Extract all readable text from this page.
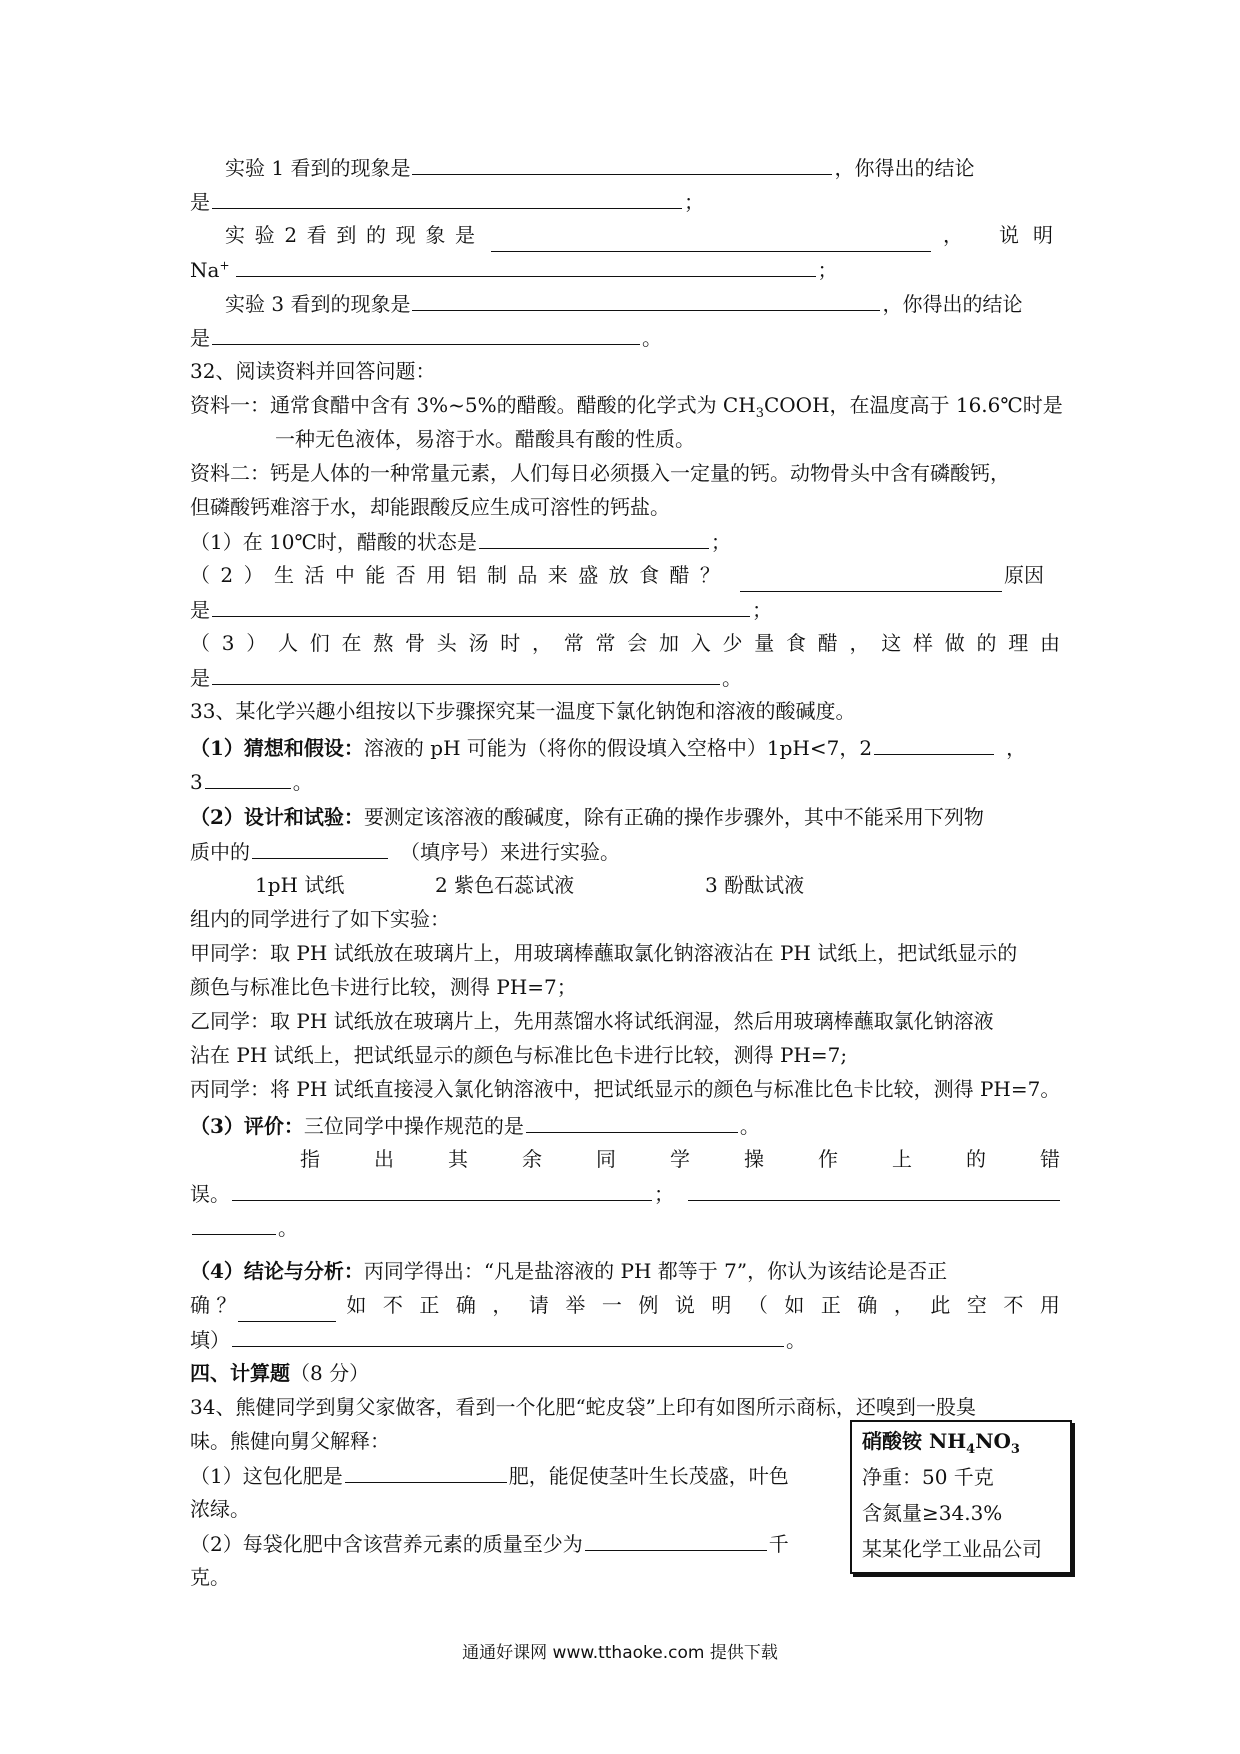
实验 1 看到的现象是	，你得出的结论
是	；
实 验 2 看 到 的 现 象 是	， 说 明
Na+	；
实验 3 看到的现象是	，你得出的结论
是	。
32、阅读资料并回答问题：
资料一：通常食醋中含有 3%~5%的醋酸。醋酸的化学式为 $CH_3COOH$，在温度高于 16.6℃时是
一种无色液体，易溶于水。醋酸具有酸的性质。
资料二：钙是人体的一种常量元素，人们每日必须摄入一定量的钙。动物骨头中含有磷酸钙，
但磷酸钙难溶于水，却能跟酸反应生成可溶性的钙盐。
（1）在 10℃时，醋酸的状态是	；
（ 2 ） 生 活 中 能 否 用 铝 制 品 来 盛 放 食 醋 ？	原因
是	；
（ 3 ） 人 们 在 熬 骨 头 汤 时 ， 常 常 会 加 入 少 量 食 醋 ， 这 样 做 的 理 由
是	。
33、某化学兴趣小组按以下步骤探究某一温度下氯化钠饱和溶液的酸碱度。
（1）猜想和假设：溶液的 pH 可能为（将你的假设填入空格中）1pH<7，2	，
3	。
（2）设计和试验：要测定该溶液的酸碱度，除有正确的操作步骤外，其中不能采用下列物
质中的	（填序号）来进行实验。
1pH 试纸	2 紫色石蕊试液	3 酚酞试液
组内的同学进行了如下实验：
甲同学：取 PH 试纸放在玻璃片上，用玻璃棒蘸取氯化钠溶液沾在 PH 试纸上，把试纸显示的
颜色与标准比色卡进行比较，测得 PH=7；
乙同学：取 PH 试纸放在玻璃片上，先用蒸馏水将试纸润湿，然后用玻璃棒蘸取氯化钠溶液
沾在 PH 试纸上，把试纸显示的颜色与标准比色卡进行比较，测得 PH=7;
丙同学：将 PH 试纸直接浸入氯化钠溶液中，把试纸显示的颜色与标准比色卡比较，测得 PH=7。
（3）评价：三位同学中操作规范的是	。
指	出	其	余	同	学	操	作	上	的	错
误。	；
。
（4）结论与分析：丙同学得出：“凡是盐溶液的 PH 都等于 7”，你认为该结论是否正
确 ？	如 不 正 确 ， 请 举 一 例 说 明 （ 如 正 确 ， 此 空 不 用
填）	。
四、计算题（8 分）
34、熊健同学到舅父家做客，看到一个化肥“蛇皮袋”上印有如图所示商标，还嗅到一股臭
味。熊健向舅父解释：
（1）这包化肥是	肥，能促使茎叶生长茂盛，叶色
浓绿。
（2）每袋化肥中含该营养元素的质量至少为	千
克。
硝酸铵 $NH_4NO_3$
净重：50 千克
含氮量≥34.3%
某某化学工业品公司
通通好课网 www.tthaoke.com 提供下载
